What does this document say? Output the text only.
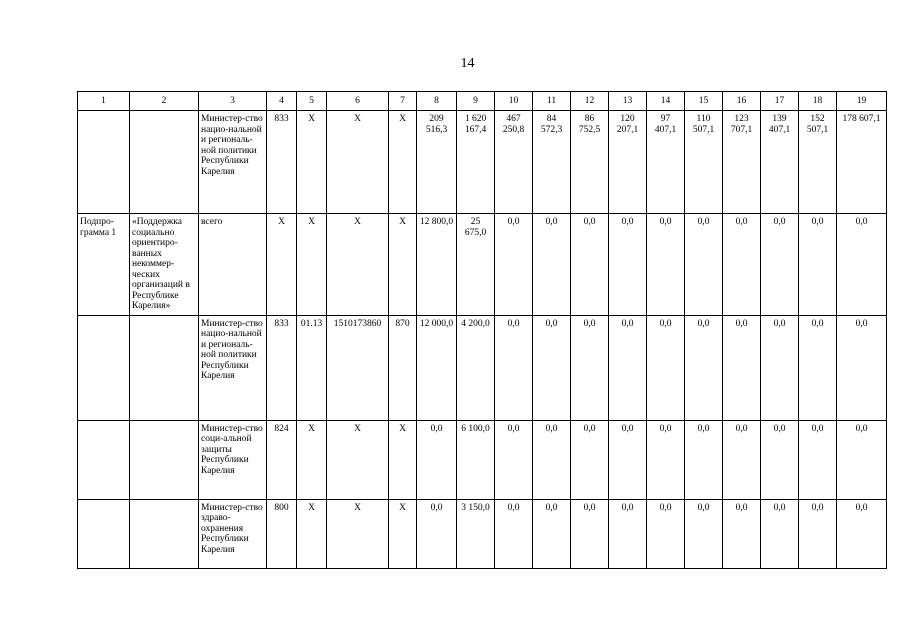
14
1	2	3	4	5	6	7	8	9	10	11	12	13	14	15	16	17	18	19
		Министер-ство нацио-нальной и региональ-ной политики Республики Карелия	833	Х	Х	Х	209 516,3	1 620 167,4	467 250,8	84 572,3	86 752,5	120 207,1	97 407,1	110 507,1	123 707,1	139 407,1	152 507,1	178 607,1
Подпро-грамма 1	«Поддержка социально ориентиро-ванных некоммер-ческих организаций в Республике Карелия»	всего	Х	Х	Х	Х	12 800,0	25 675,0	0,0	0,0	0,0	0,0	0,0	0,0	0,0	0,0	0,0	0,0
		Министер-ство нацио-нальной и региональ-ной политики Республики Карелия	833	01.13	1510173860	870	12 000,0	4 200,0	0,0	0,0	0,0	0,0	0,0	0,0	0,0	0,0	0,0	0,0
		Министер-ство соци-альной защиты Республики Карелия	824	Х	Х	Х	0,0	6 100,0	0,0	0,0	0,0	0,0	0,0	0,0	0,0	0,0	0,0	0,0
		Министер-ство здраво-охранения Республики Карелия	800	Х	Х	Х	0,0	3 150,0	0,0	0,0	0,0	0,0	0,0	0,0	0,0	0,0	0,0	0,0
